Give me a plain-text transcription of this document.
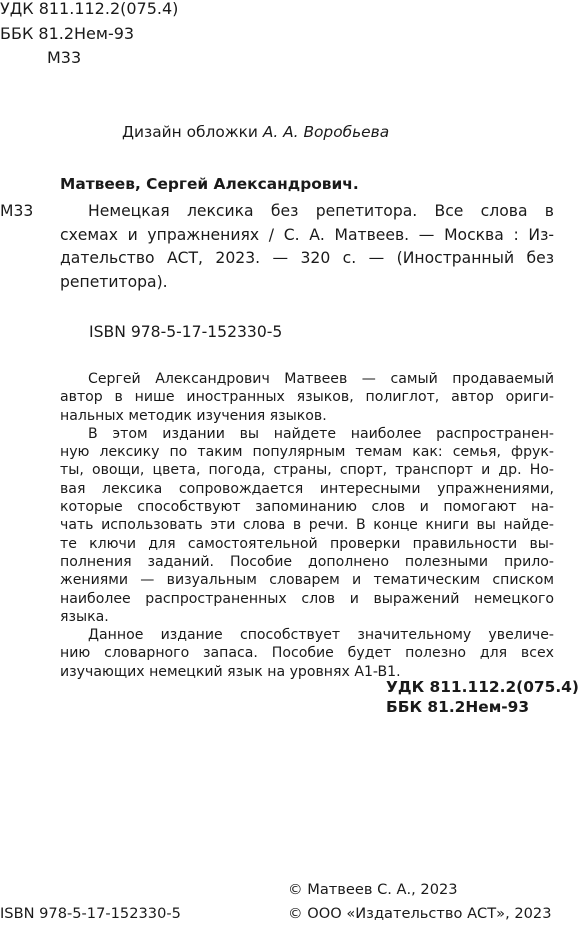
УДК 811.112.2(075.4)
ББК 81.2Нем-93
М33
Дизайн обложки А. А. Воробьева
Матвеев, Сергей Александрович.
М33	Немецкая лексика без репетитора. Все слова в
схемах и упражнениях / С. А. Матвеев. — Москва : Из-
дательство АСТ, 2023. — 320 с. — (Иностранный без
репетитора).
ISBN 978-5-17-152330-5
Сергей Александрович Матвеев — самый продаваемый
автор в нише иностранных языков, полиглот, автор ориги-
нальных методик изучения языков.
В этом издании вы найдете наиболее распространен-
ную лексику по таким популярным темам как: семья, фрук-
ты, овощи, цвета, погода, страны, спорт, транспорт и др. Но-
вая лексика сопровождается интересными упражнениями,
которые способствуют запоминанию слов и помогают на-
чать использовать эти слова в речи. В конце книги вы найде-
те ключи для самостоятельной проверки правильности вы-
полнения заданий. Пособие дополнено полезными прило-
жениями — визуальным словарем и тематическим списком
наиболее распространенных слов и выражений немецкого
языка.
Данное издание способствует значительному увеличе-
нию словарного запаса. Пособие будет полезно для всех
изучающих немецкий язык на уровнях A1-B1.
УДК 811.112.2(075.4)
ББК 81.2Нем-93
ISBN 978-5-17-152330-5
© Матвеев С. А., 2023
© ООО «Издательство АСТ», 2023
